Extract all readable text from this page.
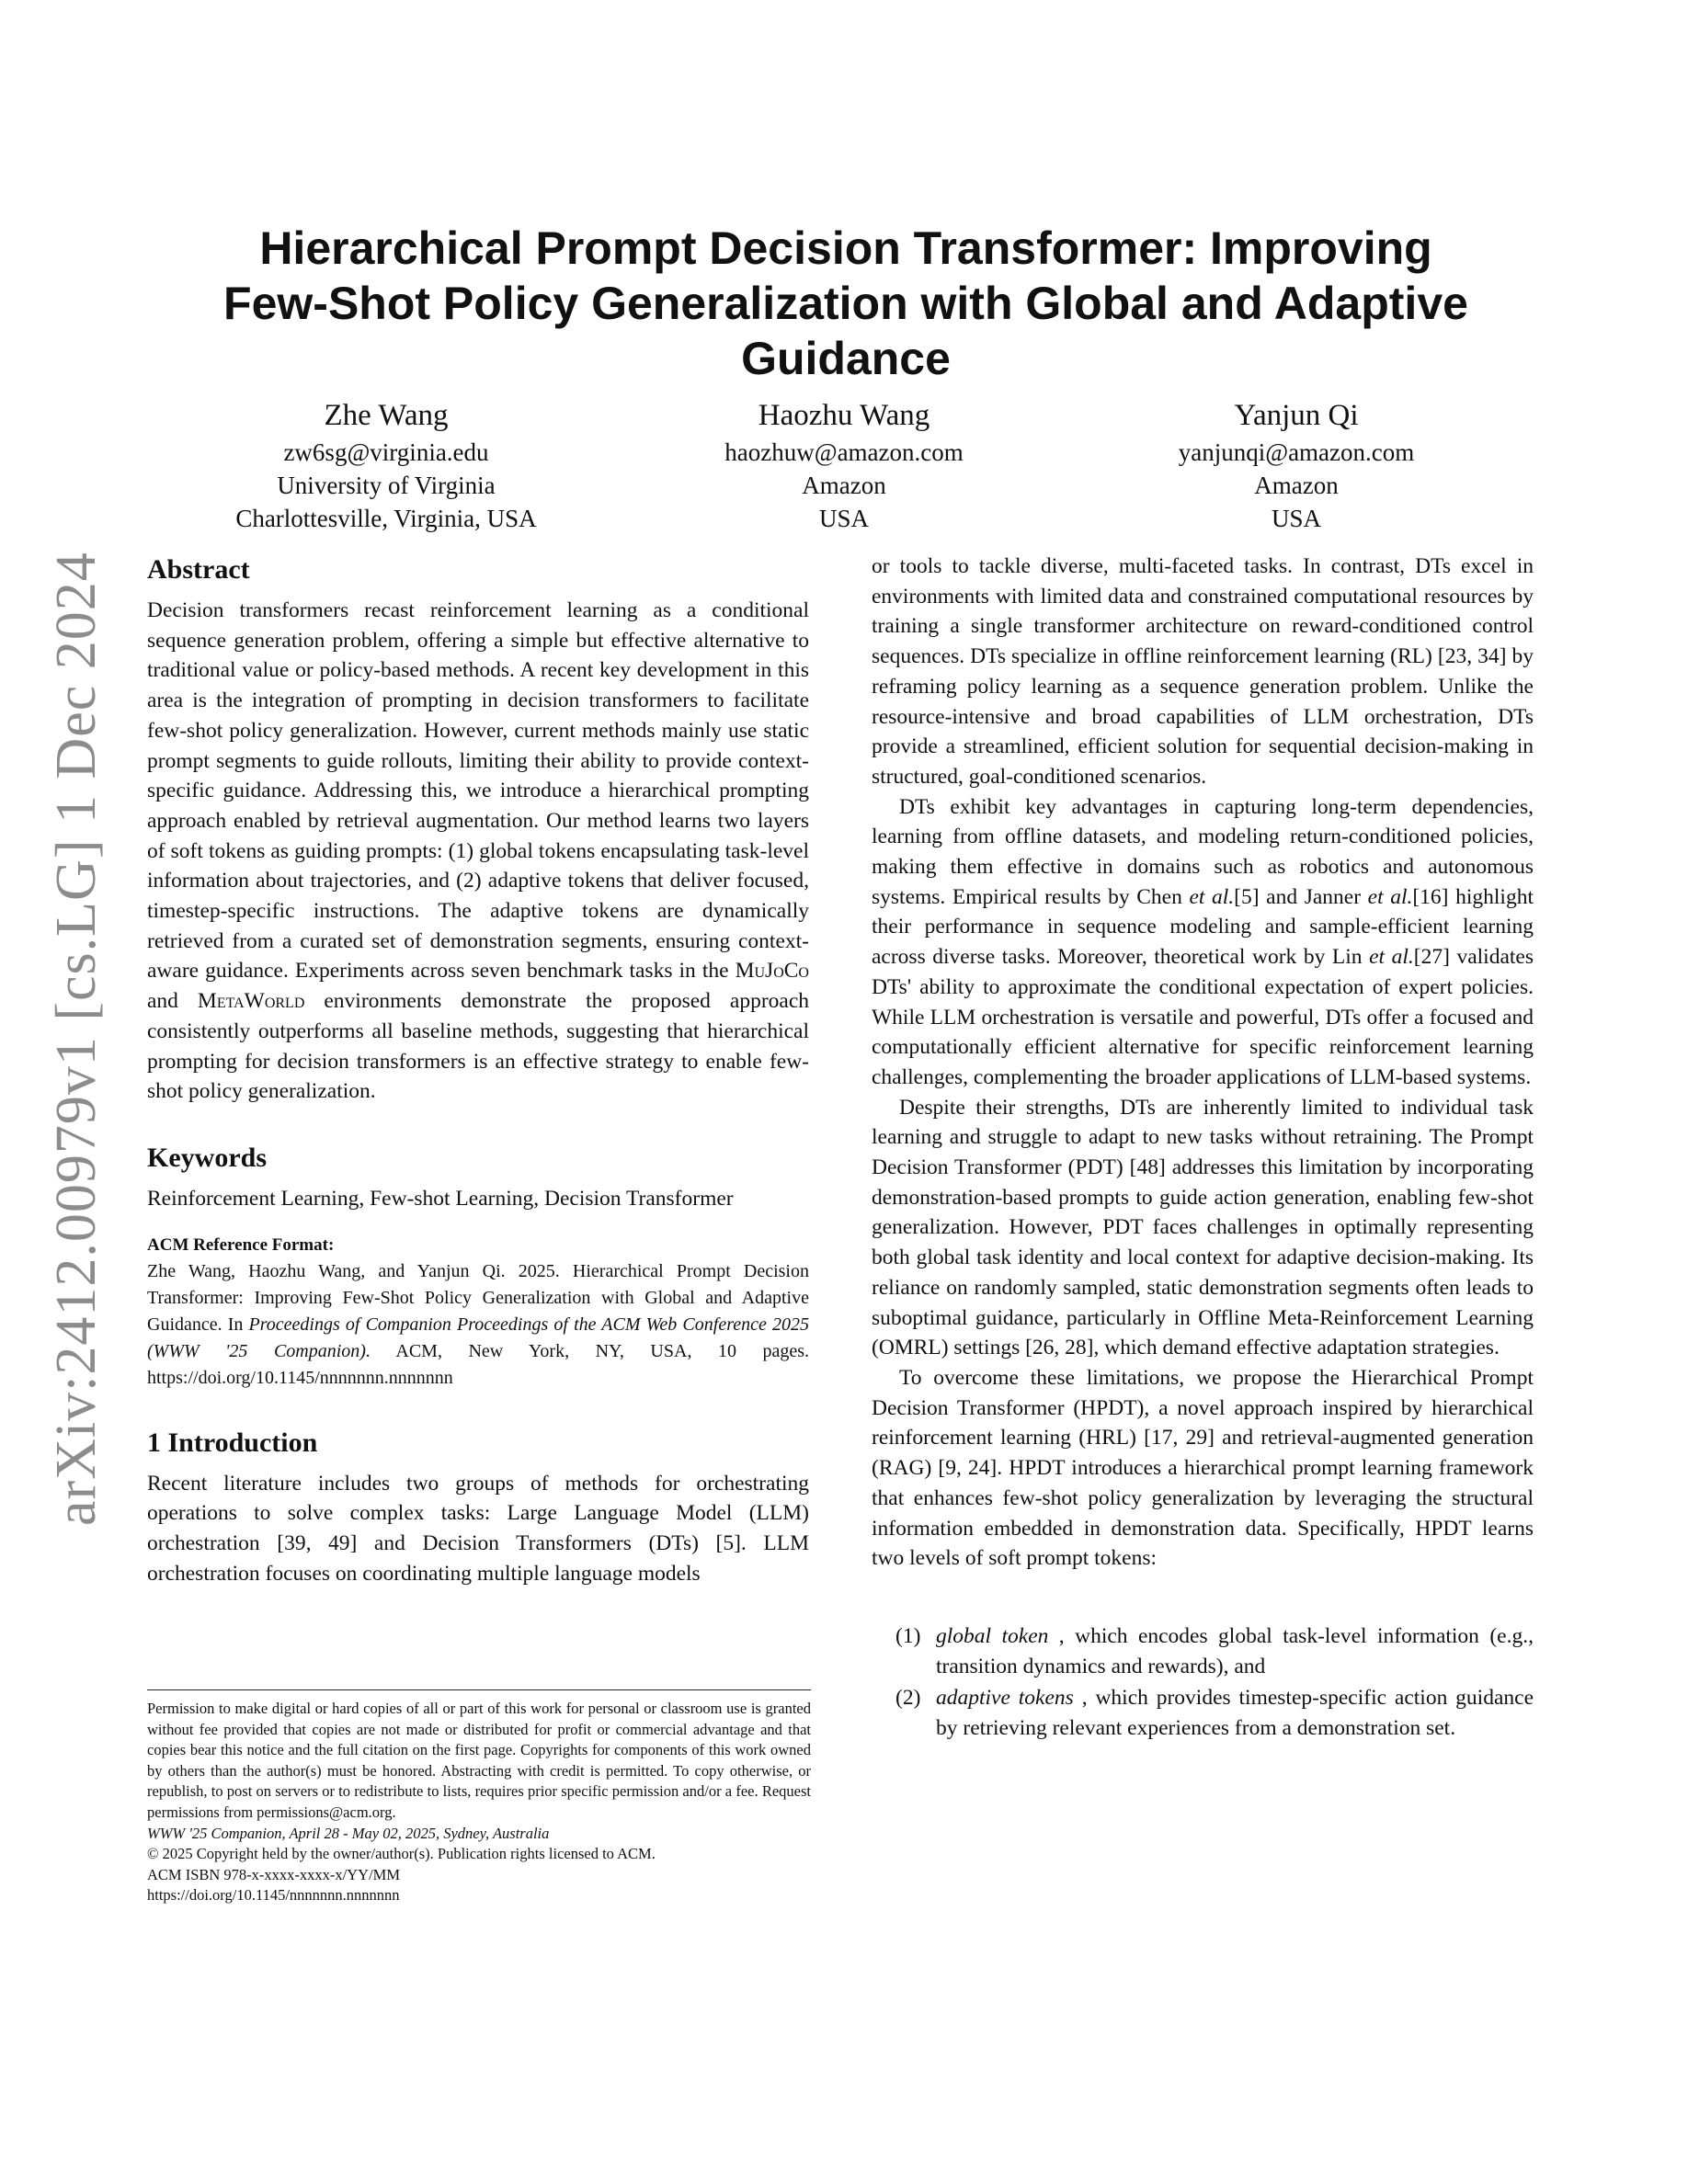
arXiv:2412.00979v1 [cs.LG] 1 Dec 2024
Hierarchical Prompt Decision Transformer: Improving
Few-Shot Policy Generalization with Global and Adaptive
Guidance
Zhe Wang
zw6sg@virginia.edu
University of Virginia
Charlottesville, Virginia, USA
Haozhu Wang
haozhuw@amazon.com
Amazon
USA
Yanjun Qi
yanjunqi@amazon.com
Amazon
USA
Abstract

Decision transformers recast reinforcement learning as a conditional sequence generation problem, offering a simple but effective alternative to traditional value or policy-based methods. A recent key development in this area is the integration of prompting in decision transformers to facilitate few-shot policy generalization. However, current methods mainly use static prompt segments to guide rollouts, limiting their ability to provide context-specific guidance. Addressing this, we introduce a hierarchical prompting approach enabled by retrieval augmentation. Our method learns two layers of soft tokens as guiding prompts: (1) global tokens encapsulating task-level information about trajectories, and (2) adaptive tokens that deliver focused, timestep-specific instructions. The adaptive tokens are dynamically retrieved from a curated set of demonstration segments, ensuring context-aware guidance. Experiments across seven benchmark tasks in the MuJoCo and MetaWorld environments demonstrate the proposed approach consistently outperforms all baseline methods, suggesting that hierarchical prompting for decision transformers is an effective strategy to enable few-shot policy generalization.

Keywords

Reinforcement Learning, Few-shot Learning, Decision Transformer

ACM Reference Format:

Zhe Wang, Haozhu Wang, and Yanjun Qi. 2025. Hierarchical Prompt Decision Transformer: Improving Few-Shot Policy Generalization with Global and Adaptive Guidance. In Proceedings of Companion Proceedings of the ACM Web Conference 2025 (WWW '25 Companion). ACM, New York, NY, USA, 10 pages. https://doi.org/10.1145/nnnnnnn.nnnnnnn

1 Introduction

Recent literature includes two groups of methods for orchestrating operations to solve complex tasks: Large Language Model (LLM) orchestration [39, 49] and Decision Transformers (DTs) [5]. LLM orchestration focuses on coordinating multiple language models

Permission to make digital or hard copies of all or part of this work for personal or classroom use is granted without fee provided that copies are not made or distributed for profit or commercial advantage and that copies bear this notice and the full citation on the first page. Copyrights for components of this work owned by others than the author(s) must be honored. Abstracting with credit is permitted. To copy otherwise, or republish, to post on servers or to redistribute to lists, requires prior specific permission and/or a fee. Request permissions from permissions@acm.org.

WWW '25 Companion, April 28 - May 02, 2025, Sydney, Australia

© 2025 Copyright held by the owner/author(s). Publication rights licensed to ACM.

ACM ISBN 978-x-xxxx-xxxx-x/YY/MM

https://doi.org/10.1145/nnnnnnn.nnnnnnn

or tools to tackle diverse, multi-faceted tasks. In contrast, DTs excel in environments with limited data and constrained computational resources by training a single transformer architecture on reward-conditioned control sequences. DTs specialize in offline reinforcement learning (RL) [23, 34] by reframing policy learning as a sequence generation problem. Unlike the resource-intensive and broad capabilities of LLM orchestration, DTs provide a streamlined, efficient solution for sequential decision-making in structured, goal-conditioned scenarios.

DTs exhibit key advantages in capturing long-term dependencies, learning from offline datasets, and modeling return-conditioned policies, making them effective in domains such as robotics and autonomous systems. Empirical results by Chen et al.[5] and Janner et al.[16] highlight their performance in sequence modeling and sample-efficient learning across diverse tasks. Moreover, theoretical work by Lin et al.[27] validates DTs' ability to approximate the conditional expectation of expert policies. While LLM orchestration is versatile and powerful, DTs offer a focused and computationally efficient alternative for specific reinforcement learning challenges, complementing the broader applications of LLM-based systems.

Despite their strengths, DTs are inherently limited to individual task learning and struggle to adapt to new tasks without retraining. The Prompt Decision Transformer (PDT) [48] addresses this limitation by incorporating demonstration-based prompts to guide action generation, enabling few-shot generalization. However, PDT faces challenges in optimally representing both global task identity and local context for adaptive decision-making. Its reliance on randomly sampled, static demonstration segments often leads to suboptimal guidance, particularly in Offline Meta-Reinforcement Learning (OMRL) settings [26, 28], which demand effective adaptation strategies.

To overcome these limitations, we propose the Hierarchical Prompt Decision Transformer (HPDT), a novel approach inspired by hierarchical reinforcement learning (HRL) [17, 29] and retrieval-augmented generation (RAG) [9, 24]. HPDT introduces a hierarchical prompt learning framework that enhances few-shot policy generalization by leveraging the structural information embedded in demonstration data. Specifically, HPDT learns two levels of soft prompt tokens:

(1) global token , which encodes global task-level information (e.g., transition dynamics and rewards), and
(2) adaptive tokens , which provides timestep-specific action guidance by retrieving relevant experiences from a demonstration set.
